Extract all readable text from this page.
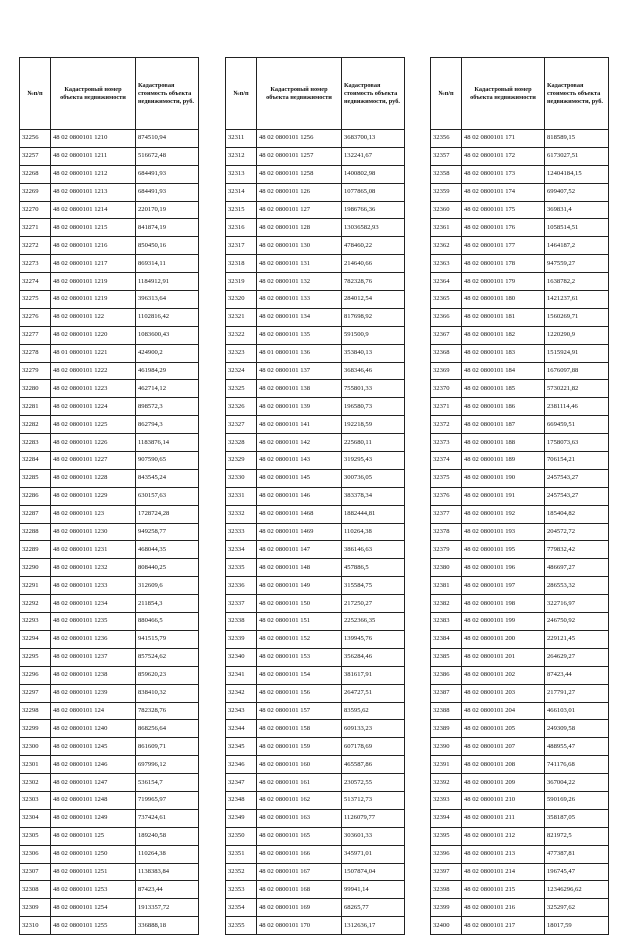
№п/п	Кадастровый номер объекта недвижимости	Кадастровая стоимость объекта недвижимости, руб.
32256	48 02 0800101 1210	874510,94
32257	48 02 0800101 1211	516672,48
32268	48 02 0800101 1212	684491,93
32269	48 02 0800101 1213	684491,93
32270	48 02 0800101 1214	220170,19
32271	48 02 0800101 1215	841874,19
32272	48 02 0800101 1216	850450,16
32273	48 02 0800101 1217	869314,11
32274	48 02 0800101 1219	1184912,91
32275	48 02 0800101 1219	396313,64
32276	48 02 0800101 122	1102816,42
32277	48 02 0800101 1220	1083600,43
32278	48 01 0800101 1221	424900,2
32279	48 02 0800101 1222	461984,29
32280	48 02 0800101 1223	462714,12
32281	48 02 0800101 1224	898572,3
32282	48 02 0800101 1225	862794,3
32283	48 02 0800101 1226	1183876,14
32284	48 02 0800101 1227	907590,65
32285	48 02 0800101 1228	843545,24
32286	48 02 0800101 1229	630157,63
32287	48 02 0800101 123	1728724,28
32288	48 02 0800101 1230	949258,77
32289	48 02 0800101 1231	468044,35
32290	48 02 0800101 1232	808440,25
32291	48 02 0800101 1233	312609,6
32292	48 02 0800101 1234	211854,3
32293	48 02 0800101 1235	880466,5
32294	48 02 0800101 1236	941515,79
32295	48 02 0800101 1237	857524,62
32296	48 02 0800101 1238	859620,23
32297	48 02 0800101 1239	838410,32
32298	48 02 0800101 124	782328,76
32299	48 02 0800101 1240	868256,64
32300	48 02 0800101 1245	861609,71
32301	48 02 0800101 1246	697996,12
32302	48 02 0800101 1247	536154,7
32303	48 02 0800101 1248	719965,97
32304	48 02 0800101 1249	737424,61
32305	48 02 0800101 125	189240,58
32306	48 02 0800101 1250	110264,38
32307	48 02 0800101 1251	1138383,84
32308	48 02 0800101 1253	87423,44
32309	48 02 0800101 1254	1913357,72
32310	48 02 0800101 1255	336888,18
№п/п	Кадастровый номер объекта недвижимости	Кадастровая стоимость объекта недвижимости, руб.
32311	48 02 0800101 1256	3683700,13
32312	48 02 0800101 1257	132241,67
32313	48 02 0800101 1258	1400802,98
32314	48 02 0800101 126	1077865,08
32315	48 02 0800101 127	1986766,36
32316	48 02 0800101 128	13036582,93
32317	48 02 0800101 130	478460,22
32318	48 02 0800101 131	214640,66
32319	48 02 0800101 132	782328,76
32320	48 02 0800101 133	284012,54
32321	48 02 0800101 134	817698,92
32322	48 02 0800101 135	591500,9
32323	48 01 0800101 136	353840,13
32324	48 02 0800101 137	368346,46
32325	48 02 0800101 138	755801,33
32326	48 02 0800101 139	196580,73
32327	48 02 0800101 141	192218,59
32328	48 02 0800101 142	225680,11
32329	48 02 0800101 143	319295,43
32330	48 02 0800101 145	300736,05
32331	48 02 0800101 146	383378,34
32332	48 02 0800101 1468	1882444,81
32333	48 02 0800101 1469	110264,38
32334	48 02 0800101 147	386146,63
32335	48 02 0800101 148	457886,5
32336	48 02 0800101 149	315584,75
32337	48 02 0800101 150	217250,27
32338	48 02 0800101 151	2252366,35
32339	48 02 0800101 152	139945,76
32340	48 02 0800101 153	356284,46
32341	48 02 0800101 154	381617,91
32342	48 02 0800101 156	264727,51
32343	48 02 0800101 157	83595,62
32344	48 02 0800101 158	609133,23
32345	48 02 0800101 159	607178,69
32346	48 02 0800101 160	465587,86
32347	48 02 0800101 161	230572,55
32348	48 02 0800101 162	513712,73
32349	48 02 0800101 163	1126079,77
32350	48 02 0800101 165	303601,33
32351	48 02 0800101 166	345971,01
32352	48 02 0800101 167	1507874,04
32353	48 02 0800101 168	99941,14
32354	48 02 0800101 169	68265,77
32355	48 02 0800101 170	1312636,17
№п/п	Кадастровый номер объекта недвижимости	Кадастровая стоимость объекта недвижимости, руб.
32356	48 02 0800101 171	818589,15
32357	48 02 0800101 172	6173027,51
32358	48 02 0800101 173	12404184,15
32359	48 02 0800101 174	699407,52
32360	48 02 0800101 175	369831,4
32361	48 02 0800101 176	1058514,51
32362	48 02 0800101 177	1464187,2
32363	48 02 0800101 178	947559,27
32364	48 02 0800101 179	1638782,2
32365	48 02 0800101 180	1421237,61
32366	48 02 0800101 181	1560269,71
32367	48 02 0800101 182	1220290,9
32368	48 02 0800101 183	1515924,91
32369	48 02 0800101 184	1676097,88
32370	48 02 0800101 185	5730221,82
32371	48 02 0800101 186	2381114,46
32372	48 02 0800101 187	669459,51
32373	48 02 0800101 188	1758073,63
32374	48 02 0800101 189	706154,21
32375	48 02 0800101 190	2457543,27
32376	48 02 0800101 191	2457543,27
32377	48 02 0800101 192	185404,82
32378	48 02 0800101 193	204572,72
32379	48 02 0800101 195	779832,42
32380	48 02 0800101 196	486697,27
32381	48 02 0800101 197	286553,32
32382	48 02 0800101 198	322716,97
32383	48 02 0800101 199	246750,92
32384	48 02 0800101 200	229121,45
32385	48 02 0800101 201	264629,27
32386	48 02 0800101 202	87423,44
32387	48 02 0800101 203	217791,27
32388	48 02 0800101 204	466103,01
32389	48 02 0800101 205	249309,58
32390	48 02 0800101 207	488955,47
32391	48 02 0800101 208	741176,68
32392	48 02 0800101 209	367004,22
32393	48 02 0800101 210	590169,26
32394	48 02 0800101 211	358187,05
32395	48 02 0800101 212	821972,5
32396	48 02 0800101 213	477387,81
32397	48 02 0800101 214	196745,47
32398	48 02 0800101 215	12346296,62
32399	48 02 0800101 216	325297,62
32400	48 02 0800101 217	18017,59
